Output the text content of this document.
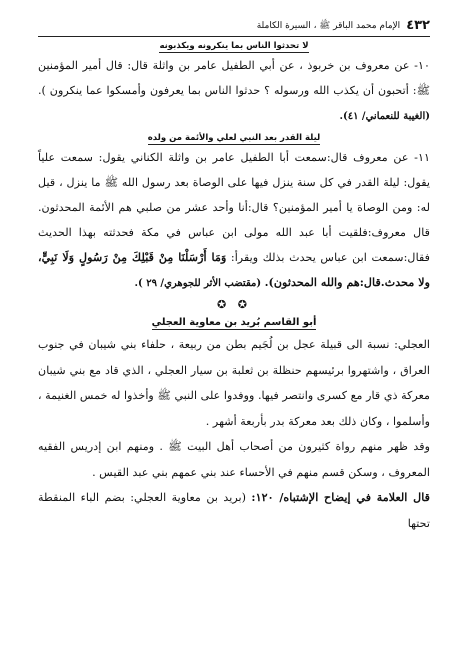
٤٣٢
الإمام محمد الباقر ﷺ ، السيرة الكاملة
لا تحدثوا الناس بما ينكرونه ويكذبونه

١٠- عن معروف بن خربوذ ، عن أبي الطفيل عامر بن واثلة قال: قال أمير المؤمنين ﷺ: أتحبون أن يكذب الله ورسوله ؟ حدثوا الناس بما يعرفون وأمسكوا عما ينكرون ). (الغيبة للنعماني/ ٤١).

ليلة القدر بعد النبي لعلي والأئمة من ولده

١١- عن معروف قال:سمعت أبا الطفيل عامر بن واثلة الكناني يقول: سمعت علياً يقول: ليلة القدر في كل سنة ينزل فيها على الوصاة بعد رسول الله ﷺ ما ينزل ، قيل له: ومن الوصاة يا أمير المؤمنين؟ قال:أنا وأحد عشر من صلبي هم الأئمة المحدثون. قال معروف:فلقيت أبا عبد الله مولى ابن عباس في مكة فحدثته بهذا الحديث فقال:سمعت ابن عباس يحدث بذلك ويقرأ: وَمَا أَرْسَلْنَا مِنْ قَبْلِكَ مِنْ رَسُولٍ وَلَا نَبِيٍّ، ولا محدث.قال:هم والله المحدثون). (مقتضب الأثر للجوهري/ ٢٩ ).

✪ ✪
أبو القاسم بُريد بن معاوية العجلي

العجلي: نسبة الى قبيلة عجل بن لُجَيم بطن من ربيعة ، حلفاء بني شيبان في جنوب العراق ، واشتهروا برئيسهم حنظلة بن ثعلبة بن سيار العجلي ، الذي قاد مع بني شيبان معركة ذي قار مع كسرى وانتصر فيها. ووفدوا على النبي ﷺ وأخذوا له خمس الغنيمة ، وأسلموا ، وكان ذلك بعد معركة بدر بأربعة أشهر .

وقد ظهر منهم رواة كثيرون من أصحاب أهل البيت ﷺ . ومنهم ابن إدريس الفقيه المعروف ، وسكن قسم منهم في الأحساء عند بني عمهم بني عبد القيس .

قال العلامة في إيضاح الإشتباه/ ١٢٠: (بريد بن معاوية العجلي: بضم الباء المنقطة تحتها
